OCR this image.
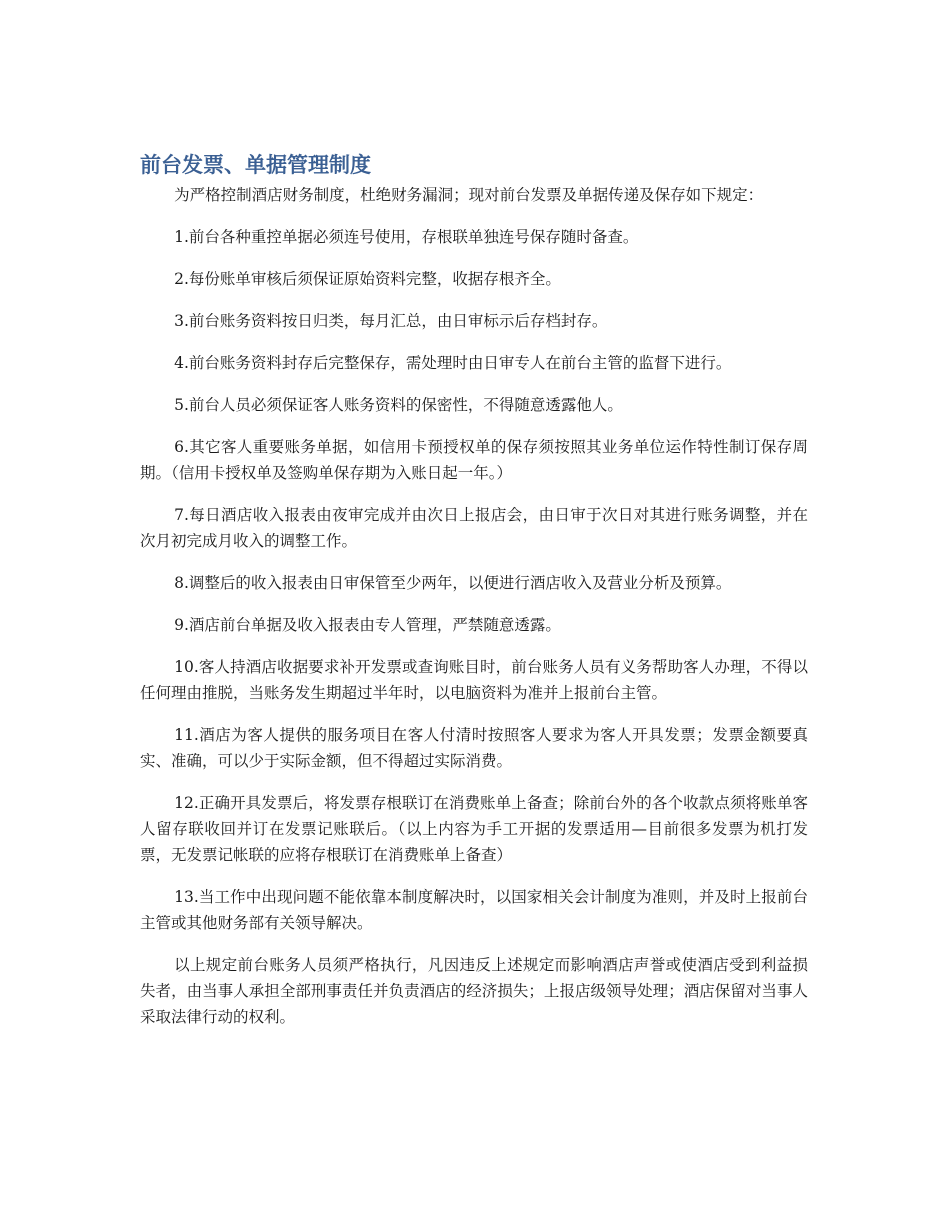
前台发票、单据管理制度

为严格控制酒店财务制度，杜绝财务漏洞；现对前台发票及单据传递及保存如下规定：

1.前台各种重控单据必须连号使用，存根联单独连号保存随时备查。

2.每份账单审核后须保证原始资料完整，收据存根齐全。

3.前台账务资料按日归类，每月汇总，由日审标示后存档封存。

4.前台账务资料封存后完整保存，需处理时由日审专人在前台主管的监督下进行。

5.前台人员必须保证客人账务资料的保密性，不得随意透露他人。

6.其它客人重要账务单据，如信用卡预授权单的保存须按照其业务单位运作特性制订保存周期。（信用卡授权单及签购单保存期为入账日起一年。）

7.每日酒店收入报表由夜审完成并由次日上报店会，由日审于次日对其进行账务调整，并在次月初完成月收入的调整工作。

8.调整后的收入报表由日审保管至少两年，以便进行酒店收入及营业分析及预算。

9.酒店前台单据及收入报表由专人管理，严禁随意透露。

10.客人持酒店收据要求补开发票或查询账目时，前台账务人员有义务帮助客人办理，不得以任何理由推脱，当账务发生期超过半年时，以电脑资料为准并上报前台主管。

11.酒店为客人提供的服务项目在客人付清时按照客人要求为客人开具发票；发票金额要真实、准确，可以少于实际金额，但不得超过实际消费。

12.正确开具发票后，将发票存根联订在消费账单上备查；除前台外的各个收款点须将账单客人留存联收回并订在发票记账联后。（以上内容为手工开据的发票适用—目前很多发票为机打发票，无发票记帐联的应将存根联订在消费账单上备查）

13.当工作中出现问题不能依靠本制度解决时，以国家相关会计制度为准则，并及时上报前台主管或其他财务部有关领导解决。

以上规定前台账务人员须严格执行，凡因违反上述规定而影响酒店声誉或使酒店受到利益损失者，由当事人承担全部刑事责任并负责酒店的经济损失；上报店级领导处理；酒店保留对当事人采取法律行动的权利。
